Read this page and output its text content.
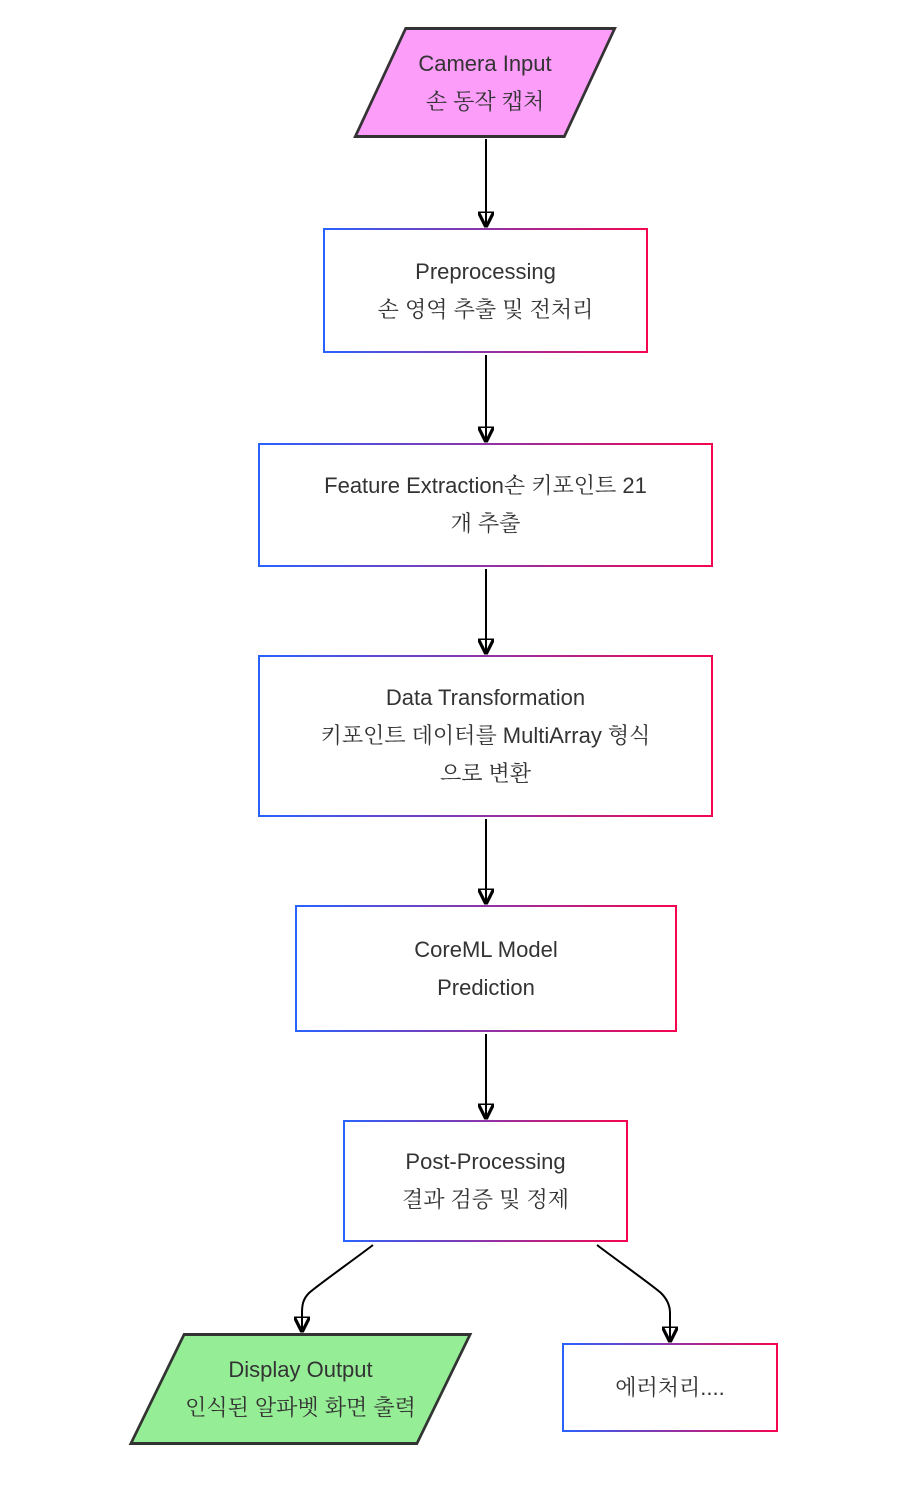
Camera Input
손 동작 캡처
Preprocessing
손 영역 추출 및 전처리
Feature Extraction손 키포인트 21
개 추출
Data Transformation
키포인트 데이터를 MultiArray 형식
으로 변환
CoreML Model
Prediction
Post-Processing
결과 검증 및 정제
Display Output
인식된 알파벳 화면 출력
에러처리....
